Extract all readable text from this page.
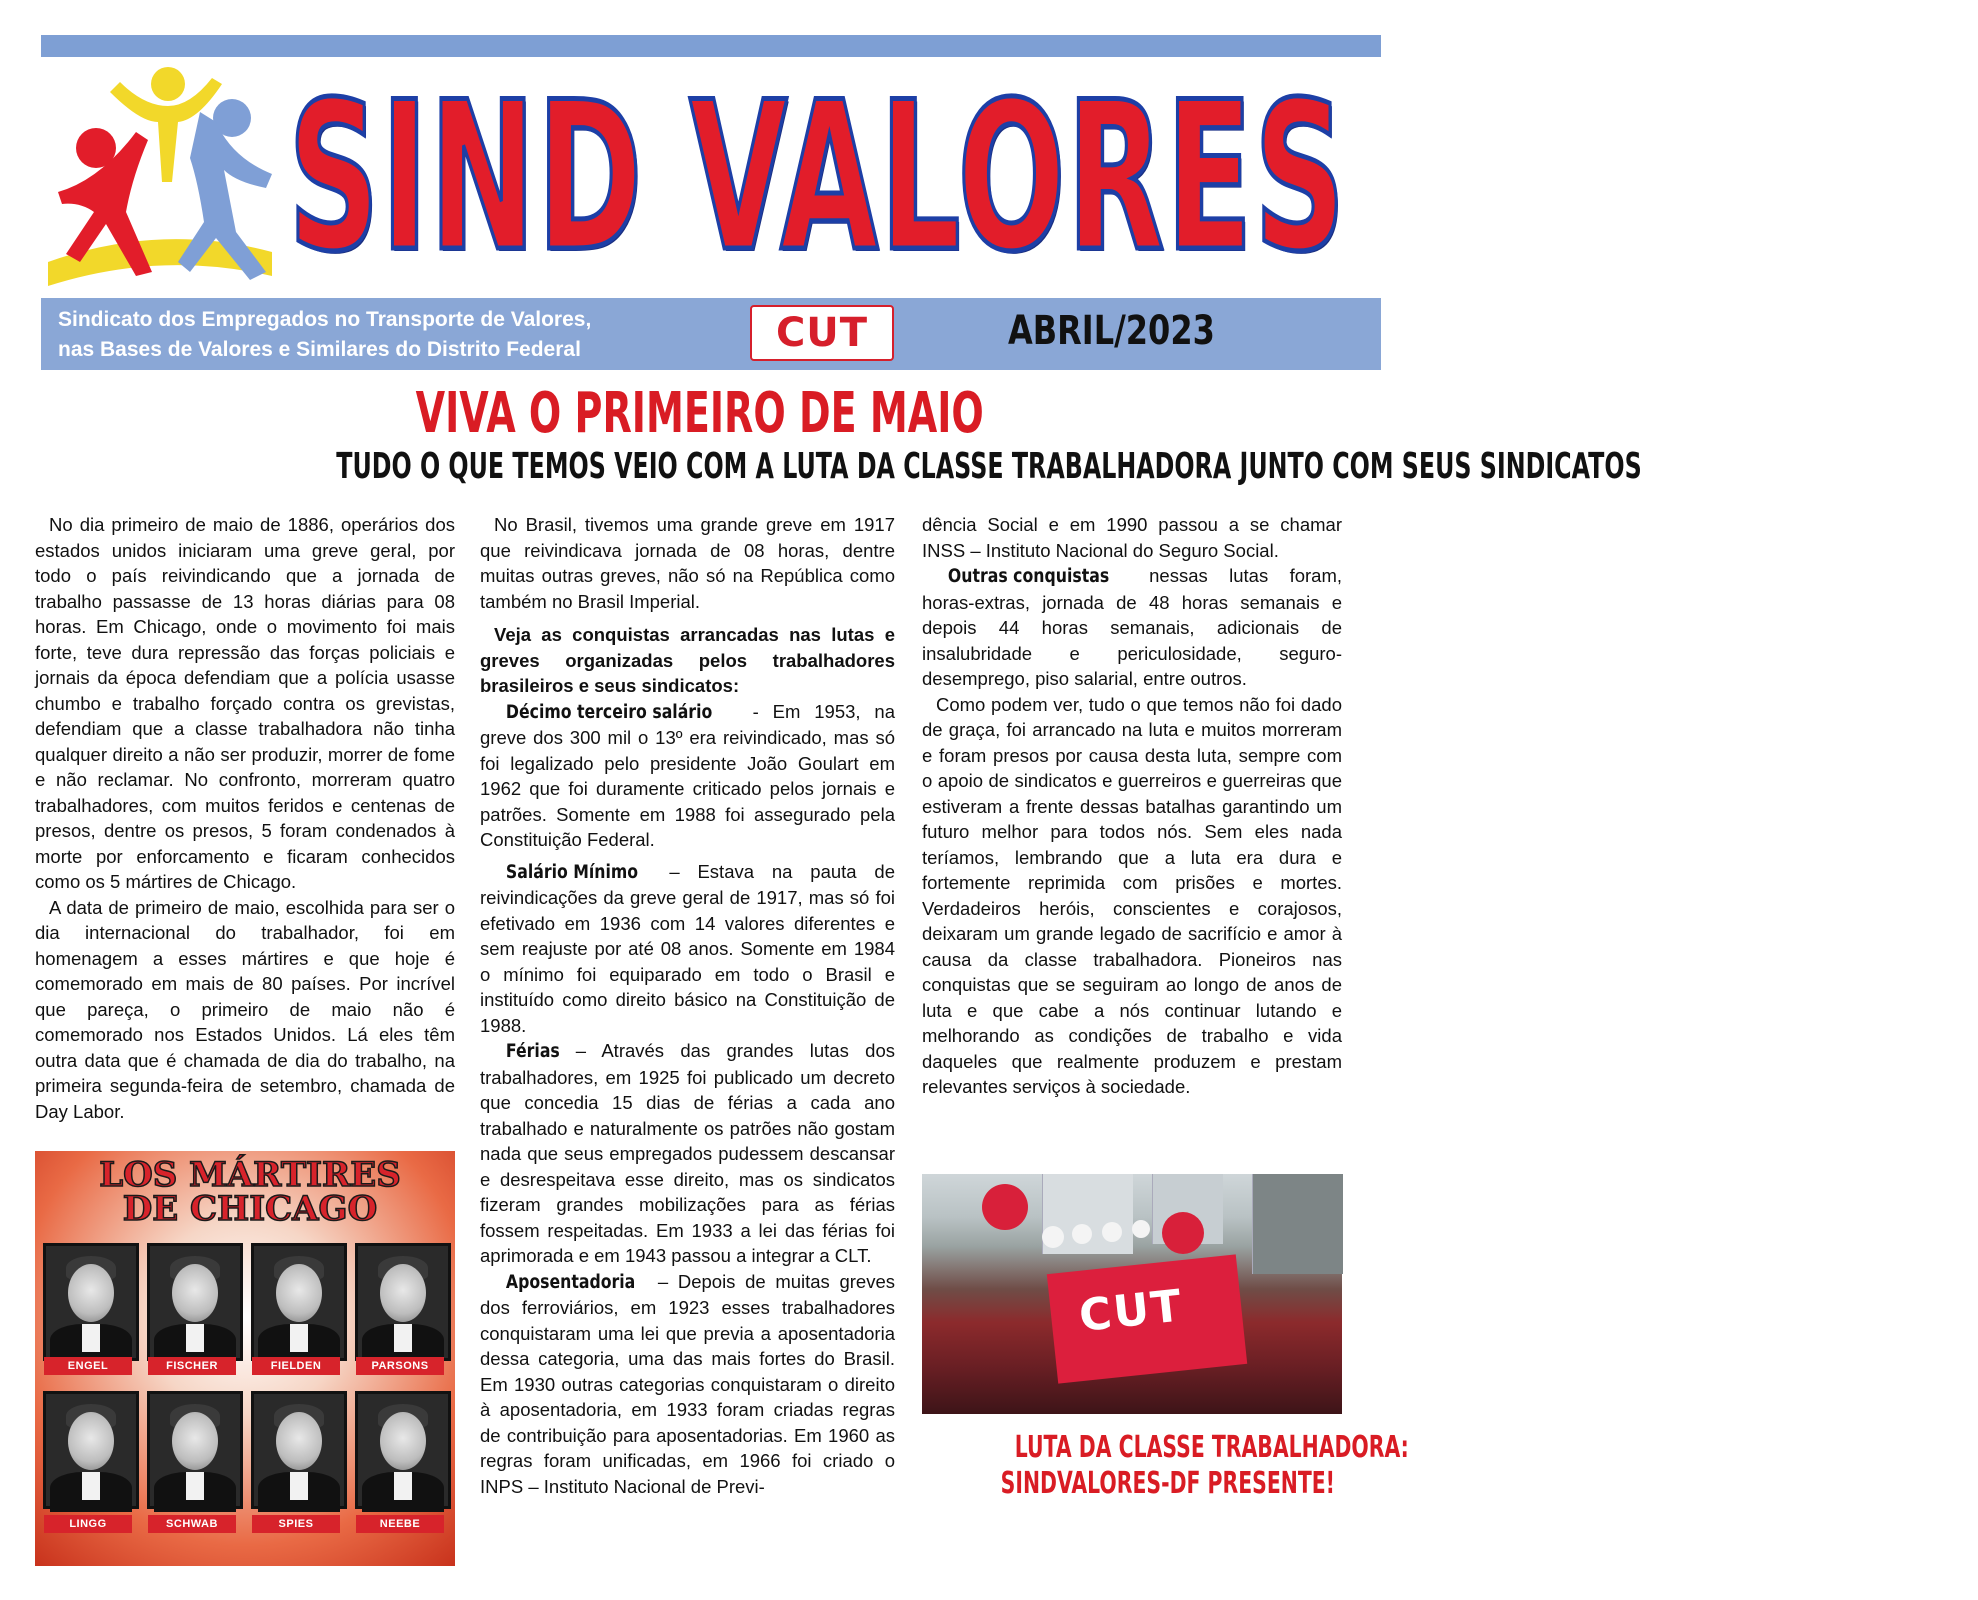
SIND VALORES
Sindicato dos Empregados no Transporte de Valores,
nas Bases de Valores e Similares do Distrito Federal	CUT	ABRIL/2023
VIVA O PRIMEIRO DE MAIO
TUDO O QUE TEMOS VEIO COM A LUTA DA CLASSE TRABALHADORA JUNTO COM SEUS SINDICATOS

No dia primeiro de maio de 1886, operários dos estados unidos iniciaram uma greve geral, por todo o país reivindicando que a jornada de trabalho passasse de 13 horas diárias para 08 horas. Em Chicago, onde o movimento foi mais forte, teve dura repressão das forças policiais e jornais da época defendiam que a polícia usasse chumbo e trabalho forçado contra os grevistas, defendiam que a classe trabalhadora não tinha qualquer direito a não ser produzir, morrer de fome e não reclamar. No confronto, morreram quatro trabalhadores, com muitos feridos e centenas de presos, dentre os presos, 5 foram condenados à morte por enforcamento e ficaram conhecidos como os 5 mártires de Chicago.

A data de primeiro de maio, escolhida para ser o dia internacional do trabalhador, foi em homenagem a esses mártires e que hoje é comemorado em mais de 80 países. Por incrível que pareça, o primeiro de maio não é comemorado nos Estados Unidos. Lá eles têm outra data que é chamada de dia do trabalho, na primeira segunda-feira de setembro, chamada de Day Labor.

LOS MÁRTIRES
DE CHICAGO
ENGEL	FISCHER	FIELDEN	PARSONS
LINGG	SCHWAB	SPIES	NEEBE

No Brasil, tivemos uma grande greve em 1917 que reivindicava jornada de 08 horas, dentre muitas outras greves, não só na República como também no Brasil Imperial.

Veja as conquistas arrancadas nas lutas e greves organizadas pelos trabalhadores brasileiros e seus sindicatos:

Décimo terceiro salário - Em 1953, na greve dos 300 mil o 13º era reivindicado, mas só foi legalizado pelo presidente João Goulart em 1962 que foi duramente criticado pelos jornais e patrões. Somente em 1988 foi assegurado pela Constituição Federal.

Salário Mínimo – Estava na pauta de reivindicações da greve geral de 1917, mas só foi efetivado em 1936 com 14 valores diferentes e sem reajuste por até 08 anos. Somente em 1984 o mínimo foi equiparado em todo o Brasil e instituído como direito básico na Constituição de 1988.

Férias – Através das grandes lutas dos trabalhadores, em 1925 foi publicado um decreto que concedia 15 dias de férias a cada ano trabalhado e naturalmente os patrões não gostam nada que seus empregados pudessem descansar e desrespeitava esse direito, mas os sindicatos fizeram grandes mobilizações para as férias fossem respeitadas. Em 1933 a lei das férias foi aprimorada e em 1943 passou a integrar a CLT.

Aposentadoria – Depois de muitas greves dos ferroviários, em 1923 esses trabalhadores conquistaram uma lei que previa a aposentadoria dessa categoria, uma das mais fortes do Brasil. Em 1930 outras categorias conquistaram o direito à aposentadoria, em 1933 foram criadas regras de contribuição para aposentadorias. Em 1960 as regras foram unificadas, em 1966 foi criado o INPS – Instituto Nacional de Previ-

dência Social e em 1990 passou a se chamar INSS – Instituto Nacional do Seguro Social.

Outras conquistas nessas lutas foram, horas-extras, jornada de 48 horas semanais e depois 44 horas semanais, adicionais de insalubridade e periculosidade, seguro-desemprego, piso salarial, entre outros.

Como podem ver, tudo o que temos não foi dado de graça, foi arrancado na luta e muitos morreram e foram presos por causa desta luta, sempre com o apoio de sindicatos e guerreiros e guerreiras que estiveram a frente dessas batalhas garantindo um futuro melhor para todos nós. Sem eles nada teríamos, lembrando que a luta era dura e fortemente reprimida com prisões e mortes. Verdadeiros heróis, conscientes e corajosos, deixaram um grande legado de sacrifício e amor à causa da classe trabalhadora. Pioneiros nas conquistas que se seguiram ao longo de anos de luta e que cabe a nós continuar lutando e melhorando as condições de trabalho e vida daqueles que realmente produzem e prestam relevantes serviços à sociedade.

CUT
LUTA DA CLASSE TRABALHADORA:
SINDVALORES-DF PRESENTE!
